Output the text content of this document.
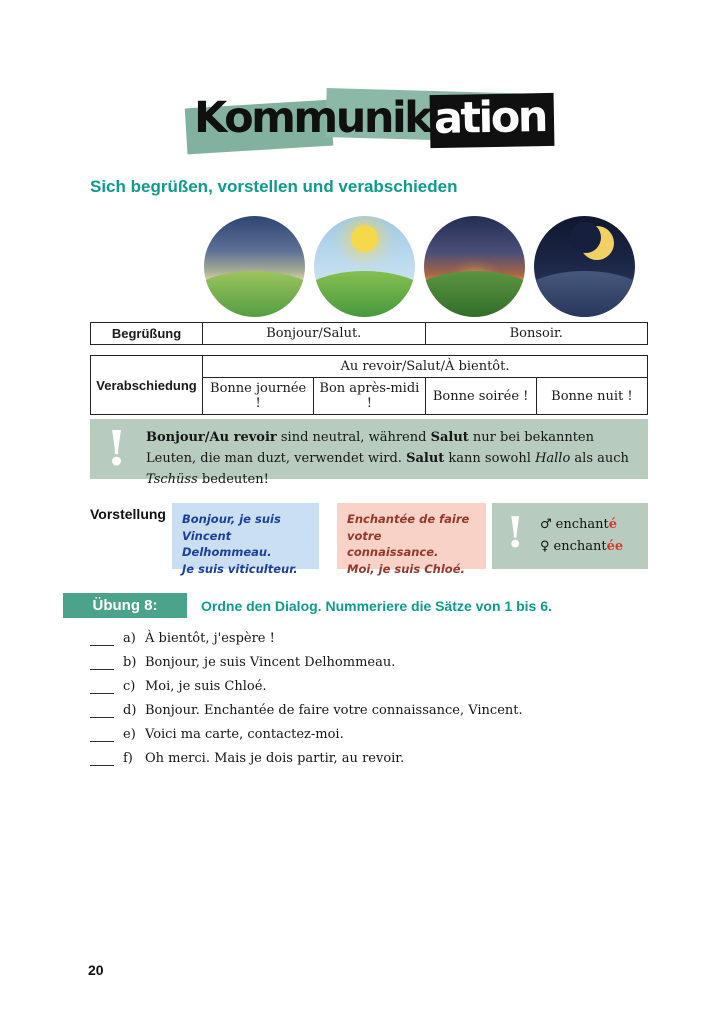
Kommunikation
Sich begrüßen, vorstellen und verabschieden
Begrüßung	Bonjour/Salut.	Bonsoir.
Verabschiedung	Au revoir/Salut/À bientôt.			
	Bonne journée !	Bon après-midi !	Bonne soirée !	Bonne nuit !
! Bonjour/Au revoir sind neutral, während Salut nur bei bekannten Leuten, die man duzt, verwendet wird. Salut kann sowohl Hallo als auch Tschüss bedeuten!
Vorstellung Bonjour, je suis

Vincent Delhommeau.

Je suis viticulteur.

Enchantée de faire

votre connaissance.

Moi, je suis Chloé.

! ♂ enchanté
♀ enchantée
Übung 8:	Ordne den Dialog. Nummeriere die Sätze von 1 bis 6.
a) À bientôt, j'espère !
b) Bonjour, je suis Vincent Delhommeau.
c) Moi, je suis Chloé.
d) Bonjour. Enchantée de faire votre connaissance, Vincent.
e) Voici ma carte, contactez-moi.
f) Oh merci. Mais je dois partir, au revoir.
20
